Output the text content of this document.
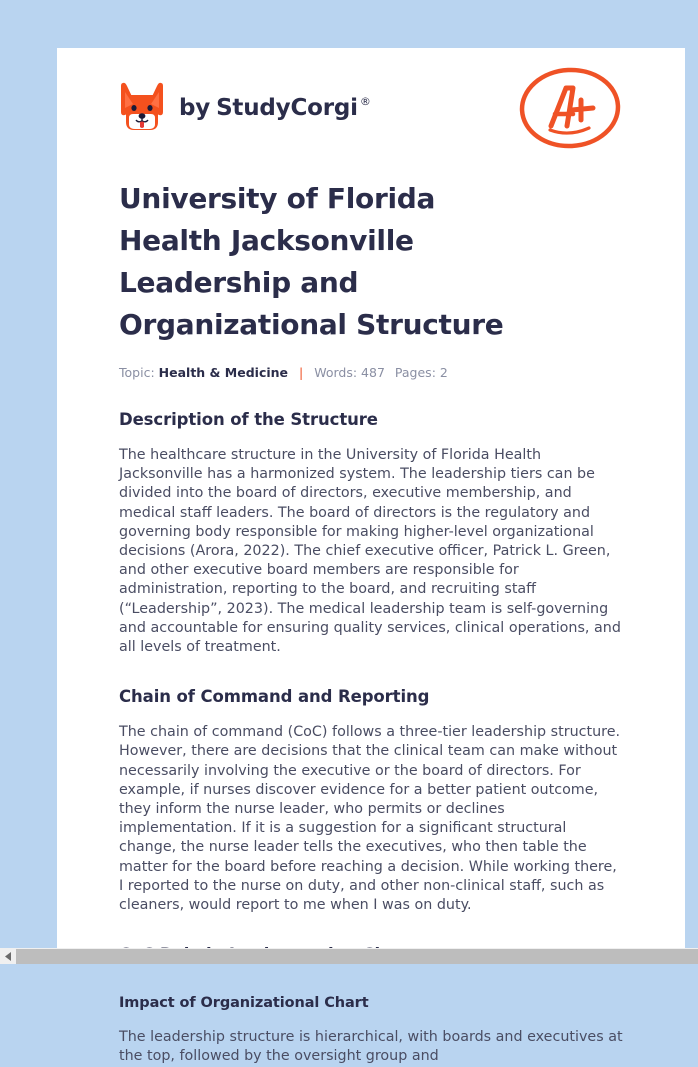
by StudyCorgi ®
University of Florida Health Jacksonville Leadership and Organizational Structure
Topic: Health & Medicine | Words: 487 Pages: 2
Description of the Structure

The healthcare structure in the University of Florida Health Jacksonville has a harmonized system. The leadership tiers can be divided into the board of directors, executive membership, and medical staff leaders. The board of directors is the regulatory and governing body responsible for making higher-level organizational decisions (Arora, 2022). The chief executive officer, Patrick L. Green, and other executive board members are responsible for administration, reporting to the board, and recruiting staff (“Leadership”, 2023). The medical leadership team is self-governing and accountable for ensuring quality services, clinical operations, and all levels of treatment.

Chain of Command and Reporting

The chain of command (CoC) follows a three-tier leadership structure. However, there are decisions that the clinical team can make without necessarily involving the executive or the board of directors. For example, if nurses discover evidence for a better patient outcome, they inform the nurse leader, who permits or declines implementation. If it is a suggestion for a significant structural change, the nurse leader tells the executives, who then table the matter for the board before reaching a decision. While working there, I reported to the nurse on duty, and other non-clinical staff, such as cleaners, would report to me when I was on duty.

Impact of Organizational Chart

The leadership structure is hierarchical, with boards and executives at the top, followed by the oversight group and
